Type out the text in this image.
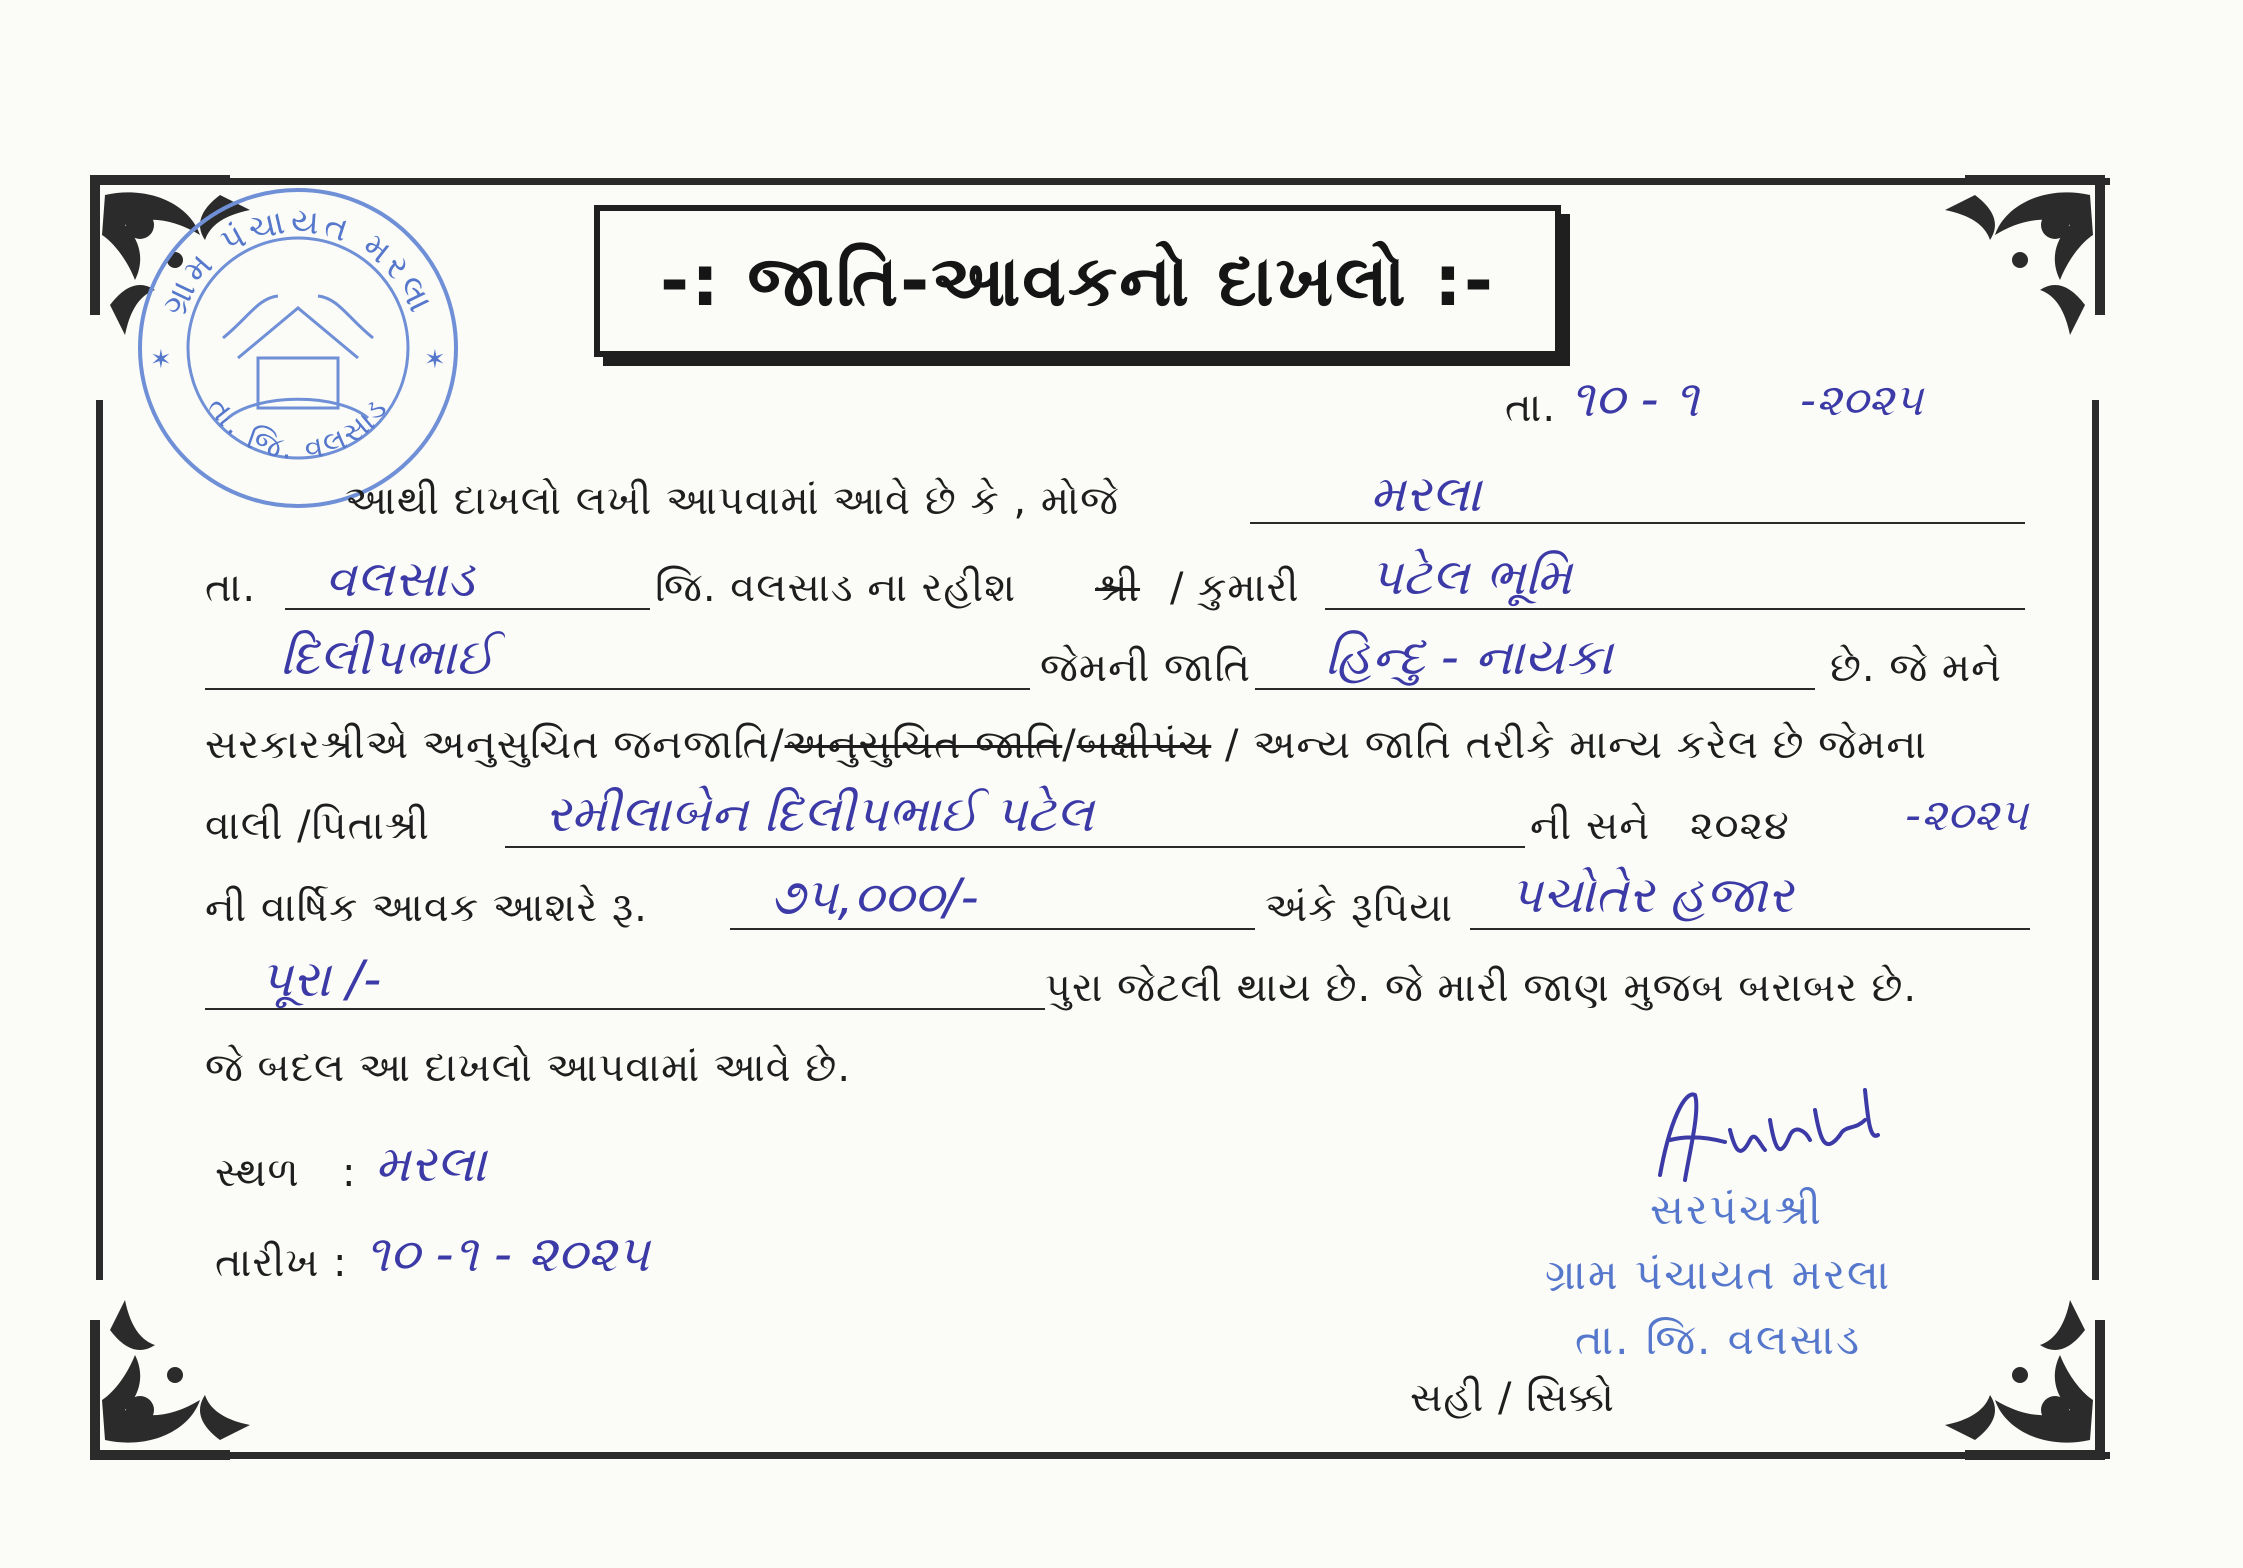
-: જાતિ-આવકનો દાખલો :-
ગ્રામ પંચાયત મરલા
તા. જિ. વલસાડ
✶	✶
તા. ૧૦ - ૧ -૨૦૨૫
આથી દાખલો લખી આપવામાં આવે છે કે , મોજે	મરલા
તા. વલસાડ	જિ. વલસાડ ના રહીશ શ્રી / કુમારી પટેલ ભૂમિ
દિલીપભાઈ	જેમની જાતિ હિન્દુ - નાયકા	છે. જે મને
સરકારશ્રીએ અનુસુચિત જનજાતિ/અનુસુચિત જાતિ/બક્ષીપંચ / અન્ય જાતિ તરીકે માન્ય કરેલ છે જેમના
વાલી /પિતાશ્રી રમીલાબેન દિલીપભાઈ પટેલ	ની સને ૨૦૨૪	-૨૦૨૫
ની વાર્ષિક આવક આશરે રૂ. ૭૫,૦૦૦/-	અંકે રૂપિયા પચોતેર હજાર
પૂરા /-	પુરા જેટલી થાય છે. જે મારી જાણ મુજબ બરાબર છે.
જે બદલ આ દાખલો આપવામાં આવે છે.
સ્થળ : મરલા
તારીખ : ૧૦ -૧ - ૨૦૨૫
સરપંચશ્રી
ગ્રામ પંચાયત મરલા
તા. જિ. વલસાડ
સહી / સિક્કો
